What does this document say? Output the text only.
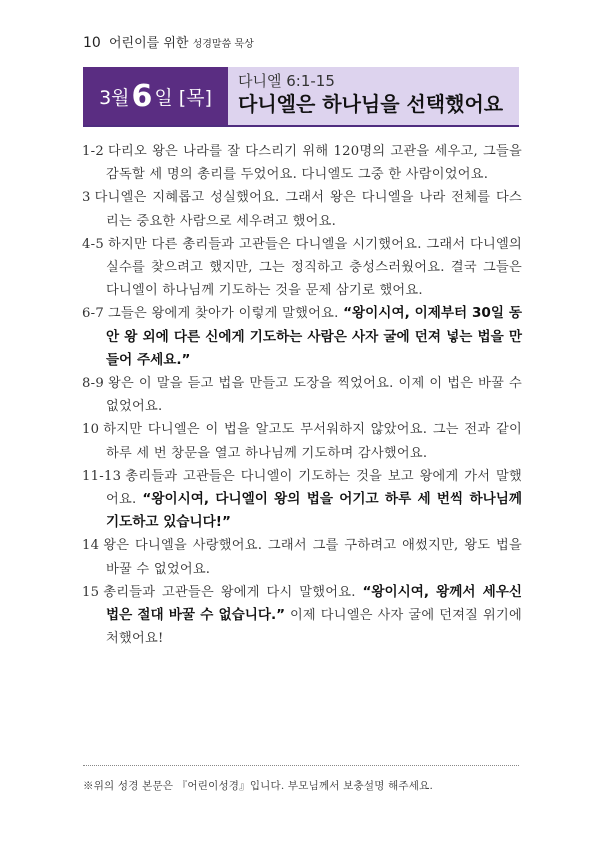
10 어린이를 위한 성경말씀 묵상
3월 6 일 [목]
다니엘 6:1-15
다니엘은 하나님을 선택했어요

1-2 다리오 왕은 나라를 잘 다스리기 위해 120명의 고관을 세우고, 그들을 감독할 세 명의 총리를 두었어요. 다니엘도 그중 한 사람이었어요.

3 다니엘은 지혜롭고 성실했어요. 그래서 왕은 다니엘을 나라 전체를 다스리는 중요한 사람으로 세우려고 했어요.

4-5 하지만 다른 총리들과 고관들은 다니엘을 시기했어요. 그래서 다니엘의 실수를 찾으려고 했지만, 그는 정직하고 충성스러웠어요. 결국 그들은 다니엘이 하나님께 기도하는 것을 문제 삼기로 했어요.

6-7 그들은 왕에게 찾아가 이렇게 말했어요. “왕이시여, 이제부터 30일 동안 왕 외에 다른 신에게 기도하는 사람은 사자 굴에 던져 넣는 법을 만들어 주세요.”

8-9 왕은 이 말을 듣고 법을 만들고 도장을 찍었어요. 이제 이 법은 바꿀 수 없었어요.

10 하지만 다니엘은 이 법을 알고도 무서워하지 않았어요. 그는 전과 같이 하루 세 번 창문을 열고 하나님께 기도하며 감사했어요.

11-13 총리들과 고관들은 다니엘이 기도하는 것을 보고 왕에게 가서 말했어요. “왕이시여, 다니엘이 왕의 법을 어기고 하루 세 번씩 하나님께 기도하고 있습니다!”

14 왕은 다니엘을 사랑했어요. 그래서 그를 구하려고 애썼지만, 왕도 법을 바꿀 수 없었어요.

15 총리들과 고관들은 왕에게 다시 말했어요. “왕이시여, 왕께서 세우신 법은 절대 바꿀 수 없습니다.” 이제 다니엘은 사자 굴에 던져질 위기에 처했어요!

※위의 성경 본문은 『어린이성경』입니다. 부모님께서 보충설명 해주세요.
